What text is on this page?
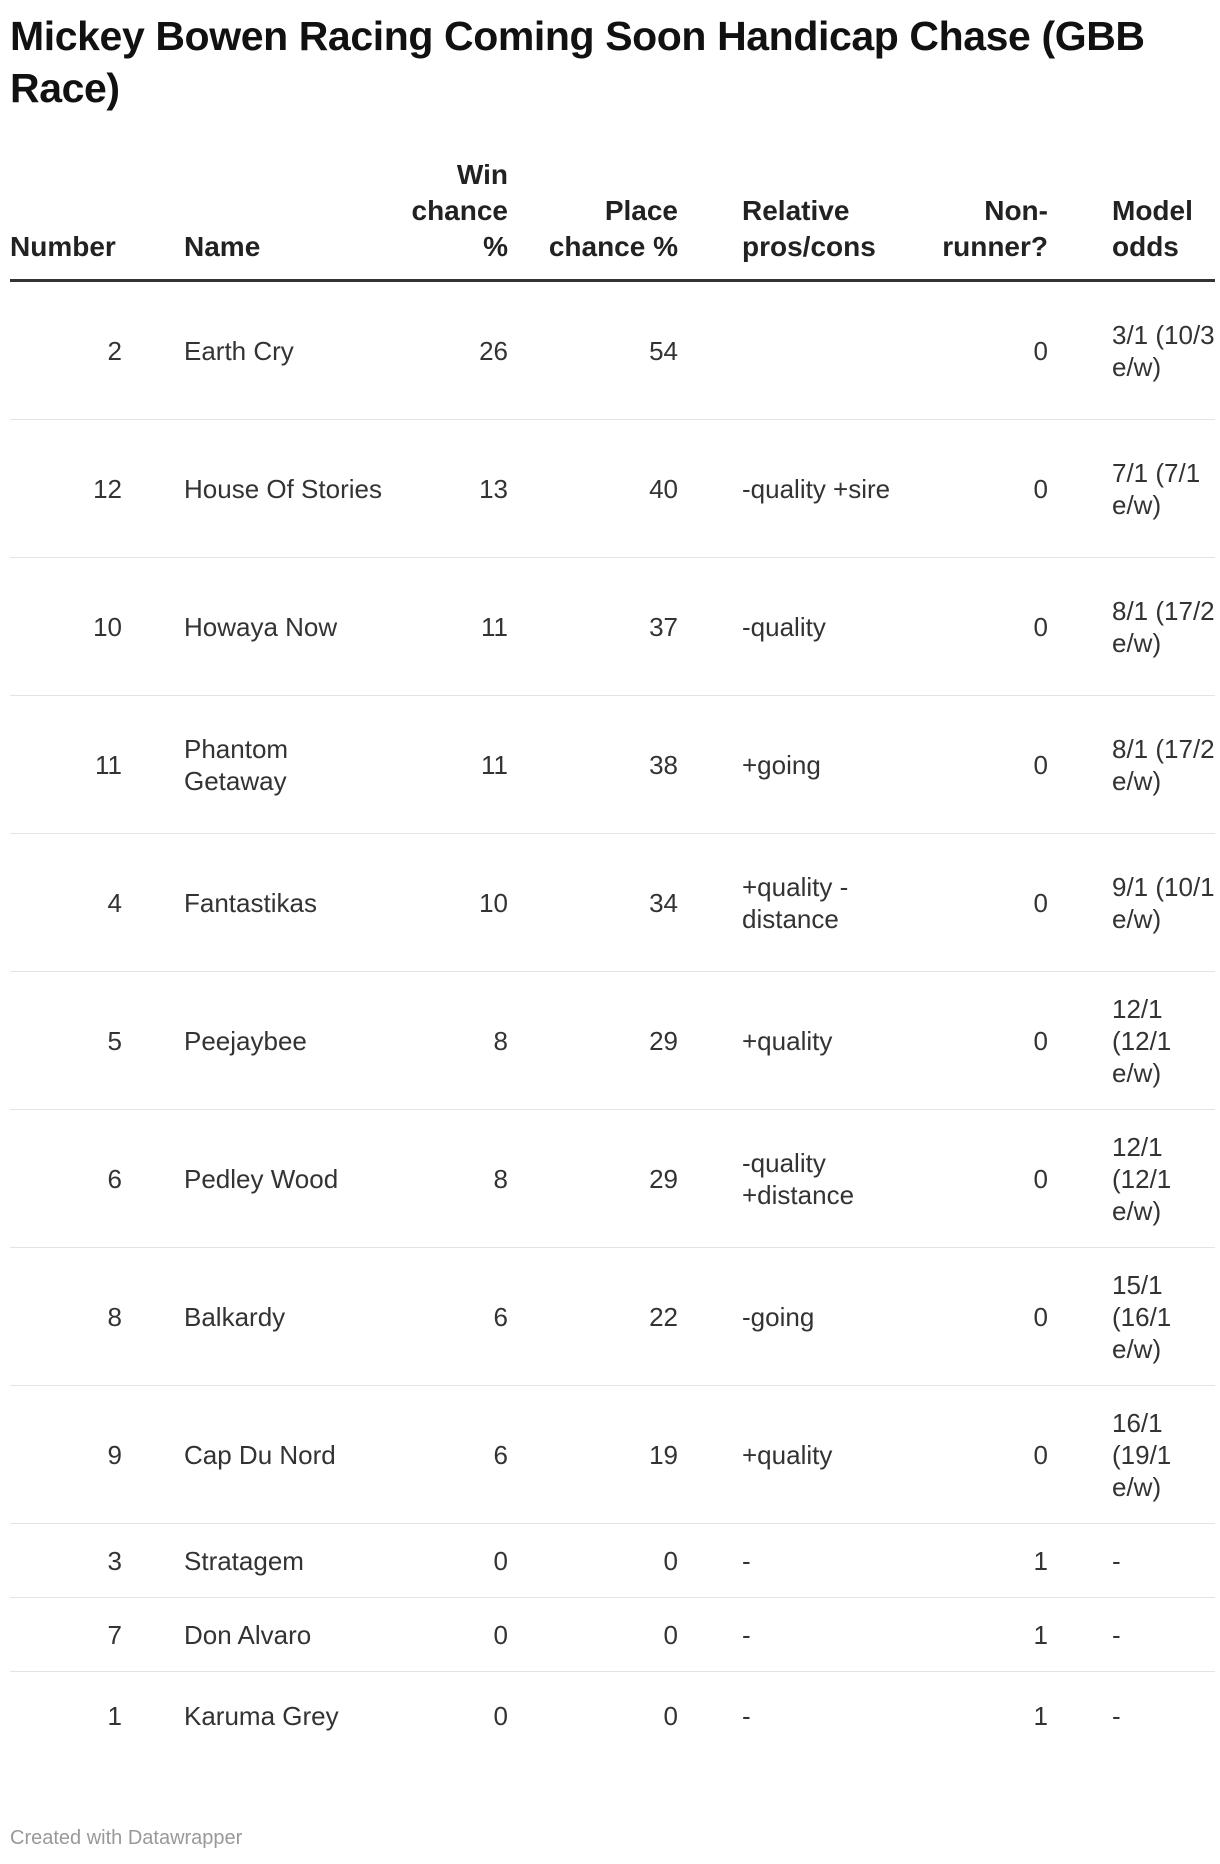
Mickey Bowen Racing Coming Soon Handicap Chase (GBB Race)
Number		Name	Win chance %	Place chance %		Relative pros/cons	Non-runner?		Model odds
2		Earth Cry	26	54			0		3/1 (10/3 e/w)
12		House Of Stories	13	40		-quality +sire	0		7/1 (7/1 e/w)
10		Howaya Now	11	37		-quality	0		8/1 (17/2 e/w)
11		Phantom Getaway	11	38		+going	0		8/1 (17/2 e/w)
4		Fantastikas	10	34		+quality -distance	0		9/1 (10/1 e/w)
5		Peejaybee	8	29		+quality	0		12/1 (12/1 e/w)
6		Pedley Wood	8	29		-quality +distance	0		12/1 (12/1 e/w)
8		Balkardy	6	22		-going	0		15/1 (16/1 e/w)
9		Cap Du Nord	6	19		+quality	0		16/1 (19/1 e/w)
3		Stratagem	0	0		-	1		-
7		Don Alvaro	0	0		-	1		-
1		Karuma Grey	0	0		-	1		-
Created with Datawrapper
